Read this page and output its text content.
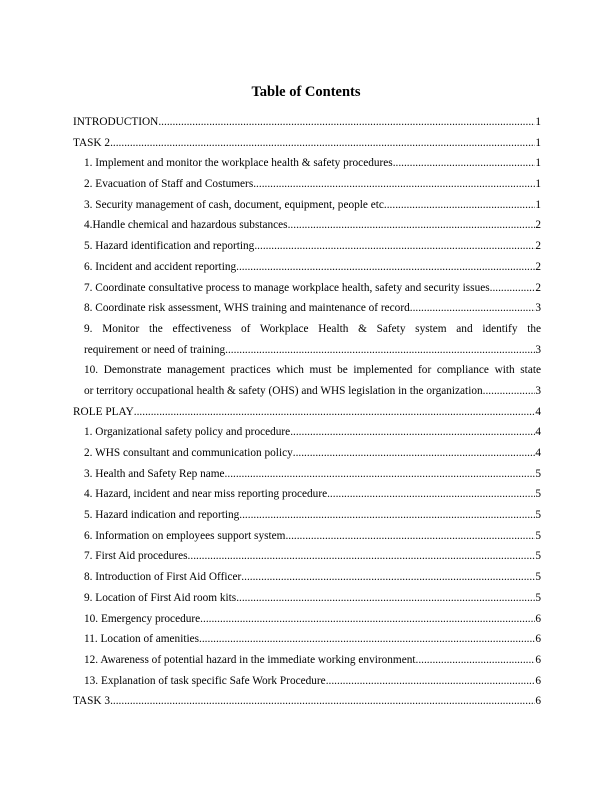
Table of Contents
INTRODUCTION .....	1
TASK 2 .....	1
1. Implement and monitor the workplace health & safety procedures .....	1
2. Evacuation of Staff and Costumers .....	1
3. Security management of cash, document, equipment, people etc .....	1
4.Handle chemical and hazardous substances .....	2
5. Hazard identification and reporting .....	2
6. Incident and accident reporting .....	2
7. Coordinate consultative process to manage workplace health, safety and security issues .....	2
8. Coordinate risk assessment, WHS training and maintenance of record .....	3
9. Monitor the effectiveness of Workplace Health & Safety system and identify the
requirement or need of training .....	3
10. Demonstrate management practices which must be implemented for compliance with state
or territory occupational health & safety (OHS) and WHS legislation in the organization .....	3
ROLE PLAY .....	4
1. Organizational safety policy and procedure .....	4
2. WHS consultant and communication policy .....	4
3. Health and Safety Rep name .....	5
4. Hazard, incident and near miss reporting procedure .....	5
5. Hazard indication and reporting .....	5
6. Information on employees support system .....	5
7. First Aid procedures .....	5
8. Introduction of First Aid Officer .....	5
9. Location of First Aid room kits .....	5
10. Emergency procedure .....	6
11. Location of amenities .....	6
12. Awareness of potential hazard in the immediate working environment .....	6
13. Explanation of task specific Safe Work Procedure .....	6
TASK 3 .....	6
